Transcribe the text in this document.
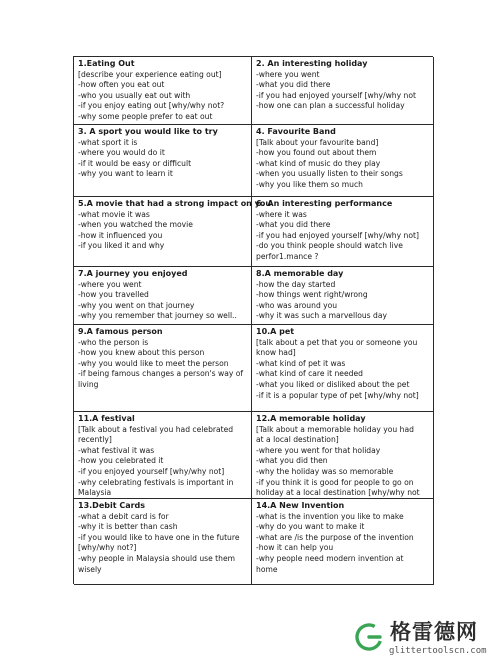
1.Eating Out
[describe your experience eating out]
-how often you eat out
-who you usually eat out with
-if you enjoy eating out [why/why not?
-why some people prefer to eat out
2. An interesting holiday
-where you went
-what you did there
-if you had enjoyed yourself [why/why not
-how one can plan a successful holiday
3. A sport you would like to try
-what sport it is
-where you would do it
-if it would be easy or difficult
-why you want to learn it
4. Favourite Band
[Talk about your favourite band]
-how you found out about them
-what kind of music do they play
-when you usually listen to their songs
-why you like them so much
5.A movie that had a strong impact on you
-what movie it was
-when you watched the movie
-how it influenced you
-if you liked it and why
6. An interesting performance
-where it was
-what you did there
-if you had enjoyed yourself [why/why not]
-do you think people should watch live
perfor1.mance ?
7.A journey you enjoyed
-where you went
-how you travelled
-why you went on that journey
-why you remember that journey so well..
8.A memorable day
-how the day started
-how things went right/wrong
-who was around you
-why it was such a marvellous day
9.A famous person
-who the person is
-how you knew about this person
-why you would like to meet the person
-if being famous changes a person's way of
living
10.A pet
[talk about a pet that you or someone you
know had]
-what kind of pet it was
-what kind of care it needed
-what you liked or disliked about the pet
-if it is a popular type of pet [why/why not]
11.A festival
[Talk about a festival you had celebrated
recently]
-what festival it was
-how you celebrated it
-if you enjoyed yourself [why/why not]
-why celebrating festivals is important in
Malaysia
12.A memorable holiday
[Talk about a memorable holiday you had
at a local destination]
-where you went for that holiday
-what you did then
-why the holiday was so memorable
-if you think it is good for people to go on
holiday at a local destination [why/why not
13.Debit Cards
-what a debit card is for
-why it is better than cash
-if you would like to have one in the future
[why/why not?]
-why people in Malaysia should use them
wisely
14.A New Invention
-what is the invention you like to make
-why do you want to make it
-what are /is the purpose of the invention
-how it can help you
-why people need modern invention at
home
格雷德网
glittertoolscn.com
